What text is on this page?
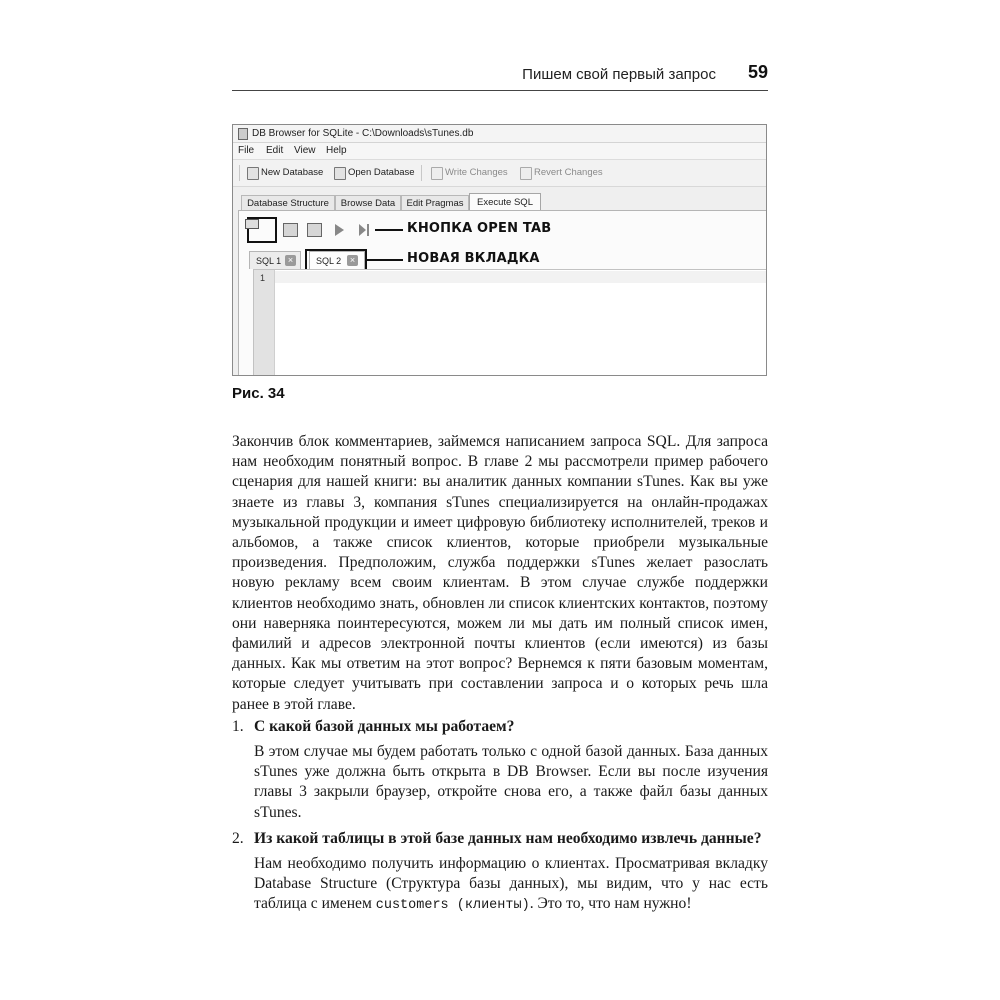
Пишем свой первый запрос 59
DB Browser for SQLite - C:\Downloads\sTunes.db
File Edit View Help
New Database	Open Database	Write Changes	Revert Changes
Database Structure	Browse Data	Edit Pragmas	Execute SQL
КНОПКА OPEN TAB
SQL 1 ×	SQL 2 ×	НОВАЯ ВКЛАДКА
1
Рис. 34
Закончив блок комментариев, займемся написанием запроса SQL. Для запроса нам необходим понятный вопрос. В главе 2 мы рассмотрели пример рабочего сценария для нашей книги: вы аналитик данных компании sTunes. Как вы уже знаете из главы 3, компания sTunes специализируется на онлайн-продажах музыкальной продукции и имеет цифровую библиотеку исполнителей, треков и альбомов, а также список клиентов, которые приобрели музыкальные произведения. Предположим, служба поддержки sTunes желает разослать новую рекламу всем своим клиентам. В этом случае службе поддержки клиентов необходимо знать, обновлен ли список клиентских контактов, поэтому они наверняка поинтересуются, можем ли мы дать им полный список имен, фамилий и адресов электронной почты клиентов (если имеются) из базы данных. Как мы ответим на этот вопрос? Вернемся к пяти базовым моментам, которые следует учитывать при составлении запроса и о которых речь шла ранее в этой главе.
1. С какой базой данных мы работаем?
В этом случае мы будем работать только с одной базой данных. База данных sTunes уже должна быть открыта в DB Browser. Если вы после изучения главы 3 закрыли браузер, откройте снова его, а также файл базы данных sTunes.
2. Из какой таблицы в этой базе данных нам необходимо извлечь данные?
Нам необходимо получить информацию о клиентах. Просматривая вкладку Database Structure (Структура базы данных), мы видим, что у нас есть таблица с именем customers (клиенты). Это то, что нам нужно!
